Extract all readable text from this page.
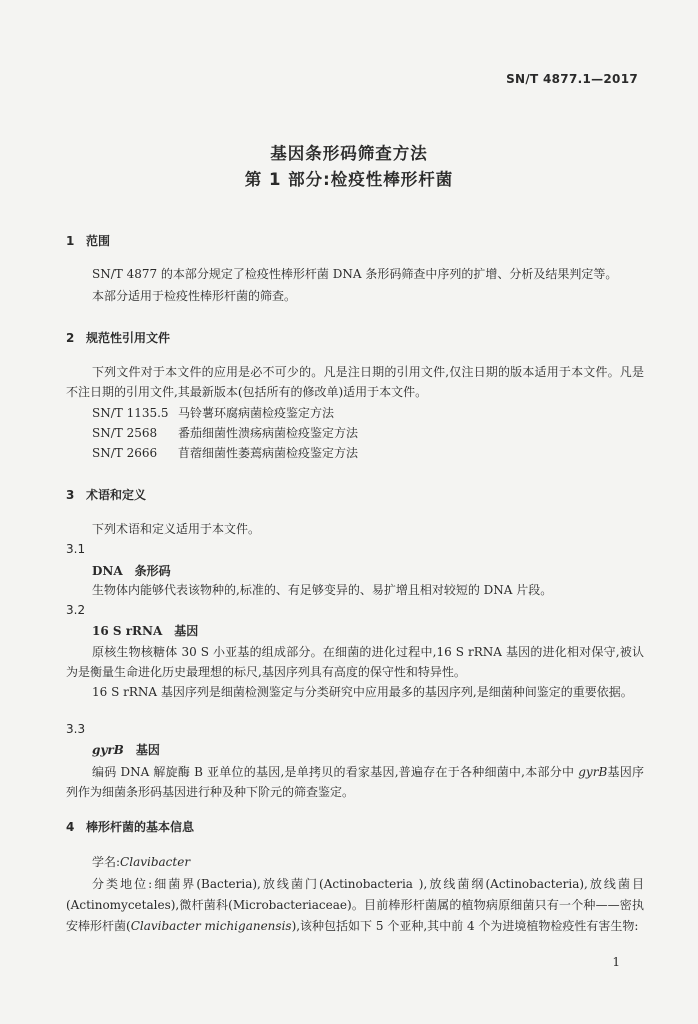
SN/T 4877.1—2017
基因条形码筛查方法
第 1 部分:检疫性棒形杆菌
1 范围
SN/T 4877 的本部分规定了检疫性棒形杆菌 DNA 条形码筛查中序列的扩增、分析及结果判定等。
本部分适用于检疫性棒形杆菌的筛查。
2 规范性引用文件
下列文件对于本文件的应用是必不可少的。凡是注日期的引用文件,仅注日期的版本适用于本文件。凡是不注日期的引用文件,其最新版本(包括所有的修改单)适用于本文件。
SN/T 1135.5 马铃薯环腐病菌检疫鉴定方法
SN/T 2568 番茄细菌性溃疡病菌检疫鉴定方法
SN/T 2666 苜蓿细菌性萎蔫病菌检疫鉴定方法
3 术语和定义
下列术语和定义适用于本文件。
3.1
DNA　条形码
生物体内能够代表该物种的,标准的、有足够变异的、易扩增且相对较短的 DNA 片段。
3.2
16 S rRNA　基因
原核生物核糖体 30 S 小亚基的组成部分。在细菌的进化过程中,16 S rRNA 基因的进化相对保守,被认为是衡量生命进化历史最理想的标尺,基因序列具有高度的保守性和特异性。
16 S rRNA 基因序列是细菌检测鉴定与分类研究中应用最多的基因序列,是细菌种间鉴定的重要依据。
3.3
gyrB　基因
编码 DNA 解旋酶 B 亚单位的基因,是单拷贝的看家基因,普遍存在于各种细菌中,本部分中 gyrB基因序列作为细菌条形码基因进行种及种下阶元的筛查鉴定。
4 棒形杆菌的基本信息
学名:Clavibacter
分类地位:细菌界(Bacteria),放线菌门(Actinobacteria ),放线菌纲(Actinobacteria),放线菌目(Actinomycetales),微杆菌科(Microbacteriaceae)。目前棒形杆菌属的植物病原细菌只有一个种——密执安棒形杆菌(Clavibacter michiganensis),该种包括如下 5 个亚种,其中前 4 个为进境植物检疫性有害生物:
1
